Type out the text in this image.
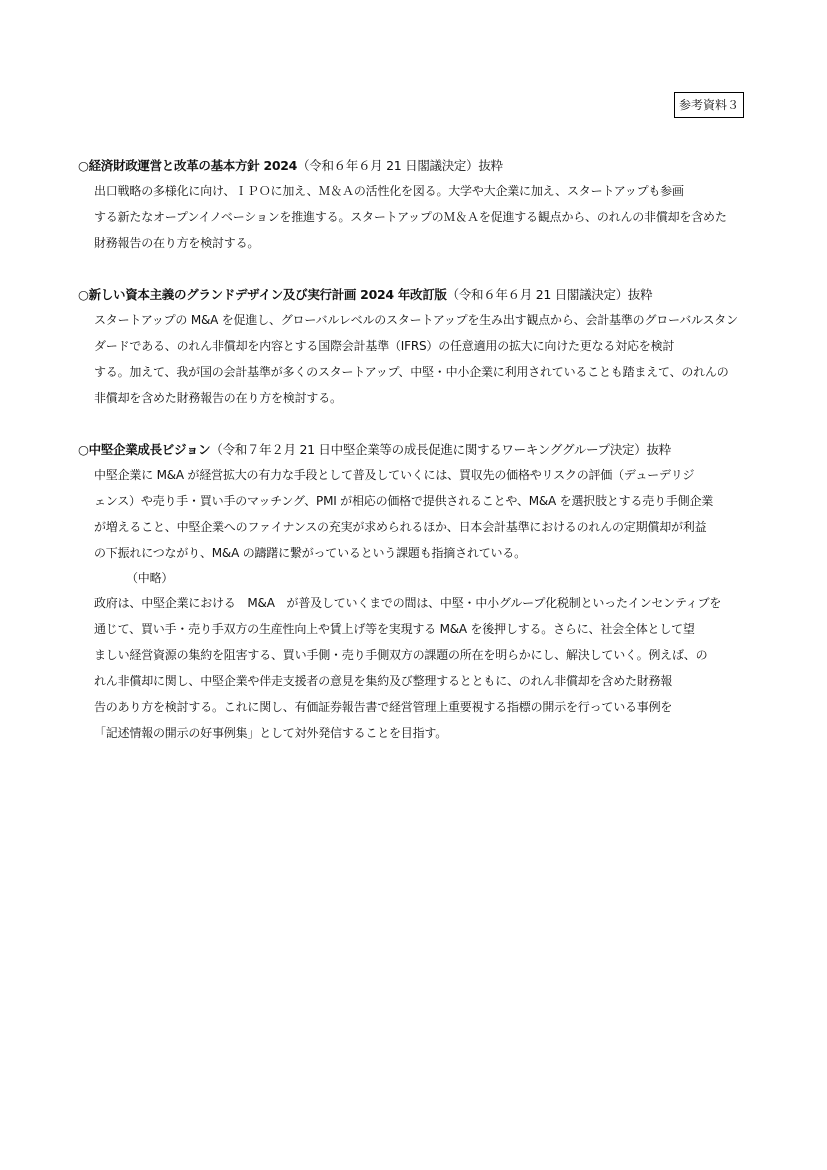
参考資料３
○経済財政運営と改革の基本方針 2024（令和６年６月 21 日閣議決定）抜粋
出口戦略の多様化に向け、ＩＰＯに加え、Ｍ＆Ａの活性化を図る。大学や大企業に加え、スタートアップも参画
する新たなオープンイノベーションを推進する。スタートアップのＭ＆Ａを促進する観点から、のれんの非償却を含めた
財務報告の在り方を検討する。
○新しい資本主義のグランドデザイン及び実行計画 2024 年改訂版（令和６年６月 21 日閣議決定）抜粋
スタートアップの M&A を促進し、グローバルレベルのスタートアップを生み出す観点から、会計基準のグローバルスタン
ダードである、のれん非償却を内容とする国際会計基準（IFRS）の任意適用の拡大に向けた更なる対応を検討
する。加えて、我が国の会計基準が多くのスタートアップ、中堅・中小企業に利用されていることも踏まえて、のれんの
非償却を含めた財務報告の在り方を検討する。
○中堅企業成長ビジョン（令和７年２月 21 日中堅企業等の成長促進に関するワーキンググループ決定）抜粋
中堅企業に M&A が経営拡大の有力な手段として普及していくには、買収先の価格やリスクの評価（デューデリジ
ェンス）や売り手・買い手のマッチング、PMI が相応の価格で提供されることや、M&A を選択肢とする売り手側企業
が増えること、中堅企業へのファイナンスの充実が求められるほか、日本会計基準におけるのれんの定期償却が利益
の下振れにつながり、M&A の躊躇に繋がっているという課題も指摘されている。
（中略）
政府は、中堅企業における　M&A　が普及していくまでの間は、中堅・中小グループ化税制といったインセンティブを
通じて、買い手・売り手双方の生産性向上や賃上げ等を実現する M&A を後押しする。さらに、社会全体として望
ましい経営資源の集約を阻害する、買い手側・売り手側双方の課題の所在を明らかにし、解決していく。例えば、の
れん非償却に関し、中堅企業や伴走支援者の意見を集約及び整理するとともに、のれん非償却を含めた財務報
告のあり方を検討する。これに関し、有価証券報告書で経営管理上重要視する指標の開示を行っている事例を
「記述情報の開示の好事例集」として対外発信することを目指す。
